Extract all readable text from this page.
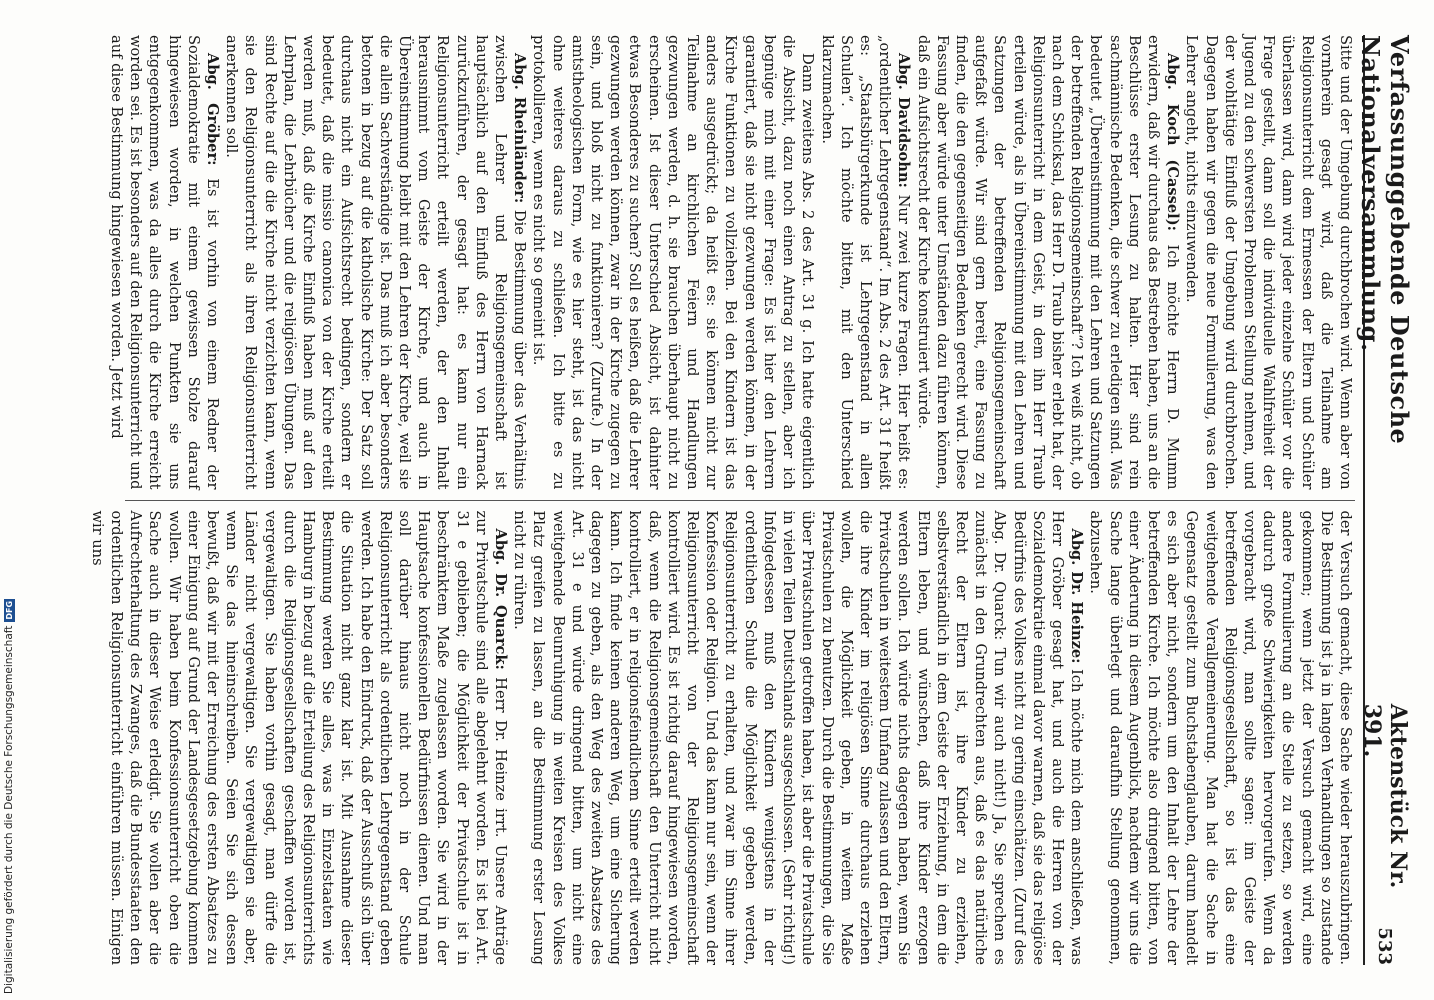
Verfassunggebende Deutsche Nationalversammlung.
Aktenstück Nr. 391.
533

Sitte und der Umgebung durchbrochen wird. Wenn aber von vornherein gesagt wird, daß die Teilnahme am Religionsunterricht dem Ermessen der Eltern und Schüler überlassen wird, dann wird jeder einzelne Schüler vor die Frage gestellt, dann soll die individuelle Wahlfreiheit der Jugend zu den schwersten Problemen Stellung nehmen, und der wohltätige Einfluß der Umgebung wird durchbrochen. Dagegen haben wir gegen die neue Formulierung, was den Lehrer angeht, nichts einzuwenden.

Abg. Koch (Cassel): Ich möchte Herrn D. Mumm erwidern, daß wir durchaus das Bestreben haben, uns an die Beschlüsse erster Lesung zu halten. Hier sind rein sachmännische Bedenken, die schwer zu erledigen sind. Was bedeutet „Übereinstimmung mit den Lehren und Satzungen der betreffenden Religionsgemeinschaft“? Ich weiß nicht, ob nach dem Schicksal, das Herr D. Traub bisher erlebt hat, der Religionsunterricht in dem Geist, in dem ihn Herr Traub erteilen würde, als in Übereinstimmung mit den Lehren und Satzungen der betreffenden Religionsgemeinschaft aufgefaßt würde. Wir sind gern bereit, eine Fassung zu finden, die den gegenseitigen Bedenken gerecht wird. Diese Fassung aber würde unter Umständen dazu führen können, daß ein Aufsichtsrecht der Kirche konstruiert würde.

Abg. Davidsohn: Nur zwei kurze Fragen. Hier heißt es: „ordentlicher Lehrgegenstand“. Im Abs. 2 des Art. 31 f heißt es: „Staatsbürgerkunde ist Lehrgegenstand in allen Schulen“. Ich möchte bitten, mit den Unterschied klarzumachen.

Dann zweitens Abs. 2 des Art. 31 g. Ich hatte eigentlich die Absicht, dazu noch einen Antrag zu stellen, aber ich begnüge mich mit einer Frage: Es ist hier den Lehrern garantiert, daß sie nicht gezwungen werden können, in der Kirche Funktionen zu vollziehen. Bei den Kindern ist das anders ausgedrückt; da heißt es: sie können nicht zur Teilnahme an kirchlichen Feiern und Handlungen gezwungen werden, d. h. sie brauchen überhaupt nicht zu erscheinen. Ist dieser Unterschied Absicht, ist dahinter etwas Besonderes zu suchen? Soll es heißen, daß die Lehrer gezwungen werden können, zwar in der Kirche zugegen zu sein, und bloß nicht zu funktionieren? (Zurufe.) In der amtstheologischen Form, wie es hier steht, ist das nicht ohne weiteres daraus zu schließen. Ich bitte es zu protokollieren, wenn es nicht so gemeint ist.

Abg. Rheinländer: Die Bestimmung über das Verhältnis zwischen Lehrer und Religionsgemeinschaft ist hauptsächlich auf den Einfluß des Herrn von Harnack zurückzuführen, der gesagt hat: es kann nur ein Religionsunterricht erteilt werden, der den Inhalt herausnimmt vom Geiste der Kirche, und auch in Übereinstimmung bleibt mit den Lehren der Kirche, weil sie die allein Sachverständige ist. Das muß ich aber besonders betonen in bezug auf die katholische Kirche: Der Satz soll durchaus nicht ein Aufsichtsrecht bedingen, sondern er bedeutet, daß die missio canonica von der Kirche erteilt werden muß, daß die Kirche Einfluß haben muß auf den Lehrplan, die Lehrbücher und die religiösen Übungen. Das sind Rechte auf die die Kirche nicht verzichten kann, wenn sie den Religionsunterricht als ihren Religionsunterricht anerkennen soll.

Abg. Gröber: Es ist vorhin von einem Redner der Sozialdemokratie mit einem gewissen Stolze darauf hingewiesen worden, in welchen Punkten sie uns entgegenkommen, was da alles durch die Kirche erreicht worden sei. Es ist besonders auf den Religionsunterricht und auf diese Bestimmung hingewiesen worden. Jetzt wird

der Versuch gemacht, diese Sache wieder herauszubringen. Die Bestimmung ist ja in langen Verhandlungen so zustande gekommen; wenn jetzt der Versuch gemacht wird, eine andere Formulierung an die Stelle zu setzen, so werden dadurch große Schwierigkeiten hervorgerufen. Wenn da vorgebracht wird, man sollte sagen: im Geiste der betreffenden Religionsgesellschaft, so ist das eine weitgehende Verallgemeinerung. Man hat die Sache in Gegensatz gestellt zum Buchstabenglauben, darum handelt es sich aber nicht, sondern um den Inhalt der Lehre der betreffenden Kirche. Ich möchte also dringend bitten, von einer Änderung in diesem Augenblick, nachdem wir uns die Sache lange überlegt und daraufhin Stellung genommen, abzusehen.

Abg. Dr. Heinze: Ich möchte mich dem anschließen, was Herr Gröber gesagt hat, und auch die Herren von der Sozialdemokratie einmal davor warnen, daß sie das religiöse Bedürfnis des Volkes nicht zu gering einschätzen. (Zuruf des Abg. Dr. Quarck: Tun wir auch nicht!) Ja, Sie sprechen es zunächst in den Grundrechten aus, daß es das natürliche Recht der Eltern ist, ihre Kinder zu erziehen, selbstverständlich in dem Geiste der Erziehung, in dem die Eltern leben, und wünschen, daß ihre Kinder erzogen werden sollen. Ich würde nichts dagegen haben, wenn Sie Privatschulen in weitestem Umfang zulassen und den Eltern, die ihre Kinder im religiösen Sinne durchaus erziehen wollen, die Möglichkeit geben, in weitem Maße Privatschulen zu benutzen. Durch die Bestimmungen, die Sie über Privatschulen getroffen haben, ist aber die Privatschule in vielen Teilen Deutschlands ausgeschlossen. (Sehr richtig!) Infolgedessen muß den Kindern wenigstens in der ordentlichen Schule die Möglichkeit gegeben werden, Religionsunterricht zu erhalten, und zwar im Sinne ihrer Konfession oder Religion. Und das kann nur sein, wenn der Religionsunterricht von der Religionsgemeinschaft kontrolliert wird. Es ist richtig darauf hingewiesen worden, daß, wenn die Religionsgemeinschaft den Unterricht nicht kontrolliert, er in religionsfeindlichem Sinne erteilt werden kann. Ich finde keinen anderen Weg, um eine Sicherung dagegen zu geben, als den Weg des zweiten Absatzes des Art. 31 e und würde dringend bitten, um nicht eine weitgehende Beunruhigung in weiten Kreisen des Volkes Platz greifen zu lassen, an die Bestimmung erster Lesung nicht zu rühren.

Abg. Dr. Quarck: Herr Dr. Heinze irrt. Unsere Anträge zur Privatschule sind alle abgelehnt worden. Es ist bei Art. 31 e geblieben; die Möglichkeit der Privatschule ist in beschränktem Maße zugelassen worden. Sie wird in der Hauptsache konfessionellen Bedürfnissen dienen. Und man soll darüber hinaus nicht noch in der Schule Religionsunterricht als ordentlichen Lehrgegenstand geben werden. Ich habe den Eindruck, daß der Ausschuß sich über die Situation nicht ganz klar ist. Mit Ausnahme dieser Bestimmung werden Sie alles, was in Einzelstaaten wie Hamburg in bezug auf die Erteilung des Religionsunterrichts durch die Religionsgesellschaften geschaffen worden ist, vergewaltigen. Sie haben vorhin gesagt, man dürfe die Länder nicht vergewaltigen. Sie vergewaltigen sie aber, wenn Sie das hineinschreiben. Seien Sie sich dessen bewußt, daß wir mit der Erreichung des ersten Absatzes zu einer Einigung auf Grund der Landesgesetzgebung kommen wollen. Wir haben beim Konfessionsunterricht oben die Sache auch in dieser Weise erledigt. Sie wollen aber die Aufrechterhaltung des Zwanges, daß die Bundesstaaten den ordentlichen Religionsunterricht einführen müssen. Einigen wir uns

Digitalisierung gefördert durch die Deutsche Forschungsgemeinschaft
DFG
